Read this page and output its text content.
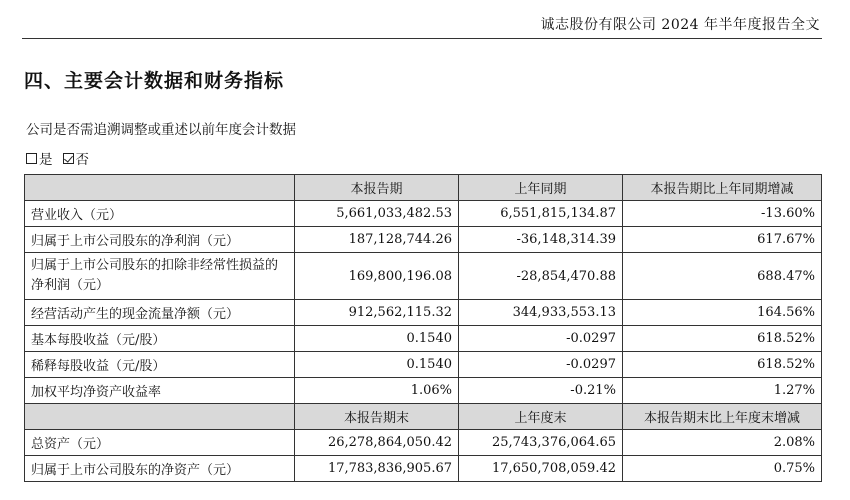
诚志股份有限公司 2024 年半年度报告全文
四、主要会计数据和财务指标
公司是否需追溯调整或重述以前年度会计数据
是 否
	本报告期	上年同期	本报告期比上年同期增减
营业收入（元）	5,661,033,482.53	6,551,815,134.87	-13.60%
归属于上市公司股东的净利润（元）	187,128,744.26	-36,148,314.39	617.67%
归属于上市公司股东的扣除非经常性损益的净利润（元）	169,800,196.08	-28,854,470.88	688.47%
经营活动产生的现金流量净额（元）	912,562,115.32	344,933,553.13	164.56%
基本每股收益（元/股）	0.1540	-0.0297	618.52%
稀释每股收益（元/股）	0.1540	-0.0297	618.52%
加权平均净资产收益率	1.06%	-0.21%	1.27%
	本报告期末	上年度末	本报告期末比上年度末增减
总资产（元）	26,278,864,050.42	25,743,376,064.65	2.08%
归属于上市公司股东的净资产（元）	17,783,836,905.67	17,650,708,059.42	0.75%
